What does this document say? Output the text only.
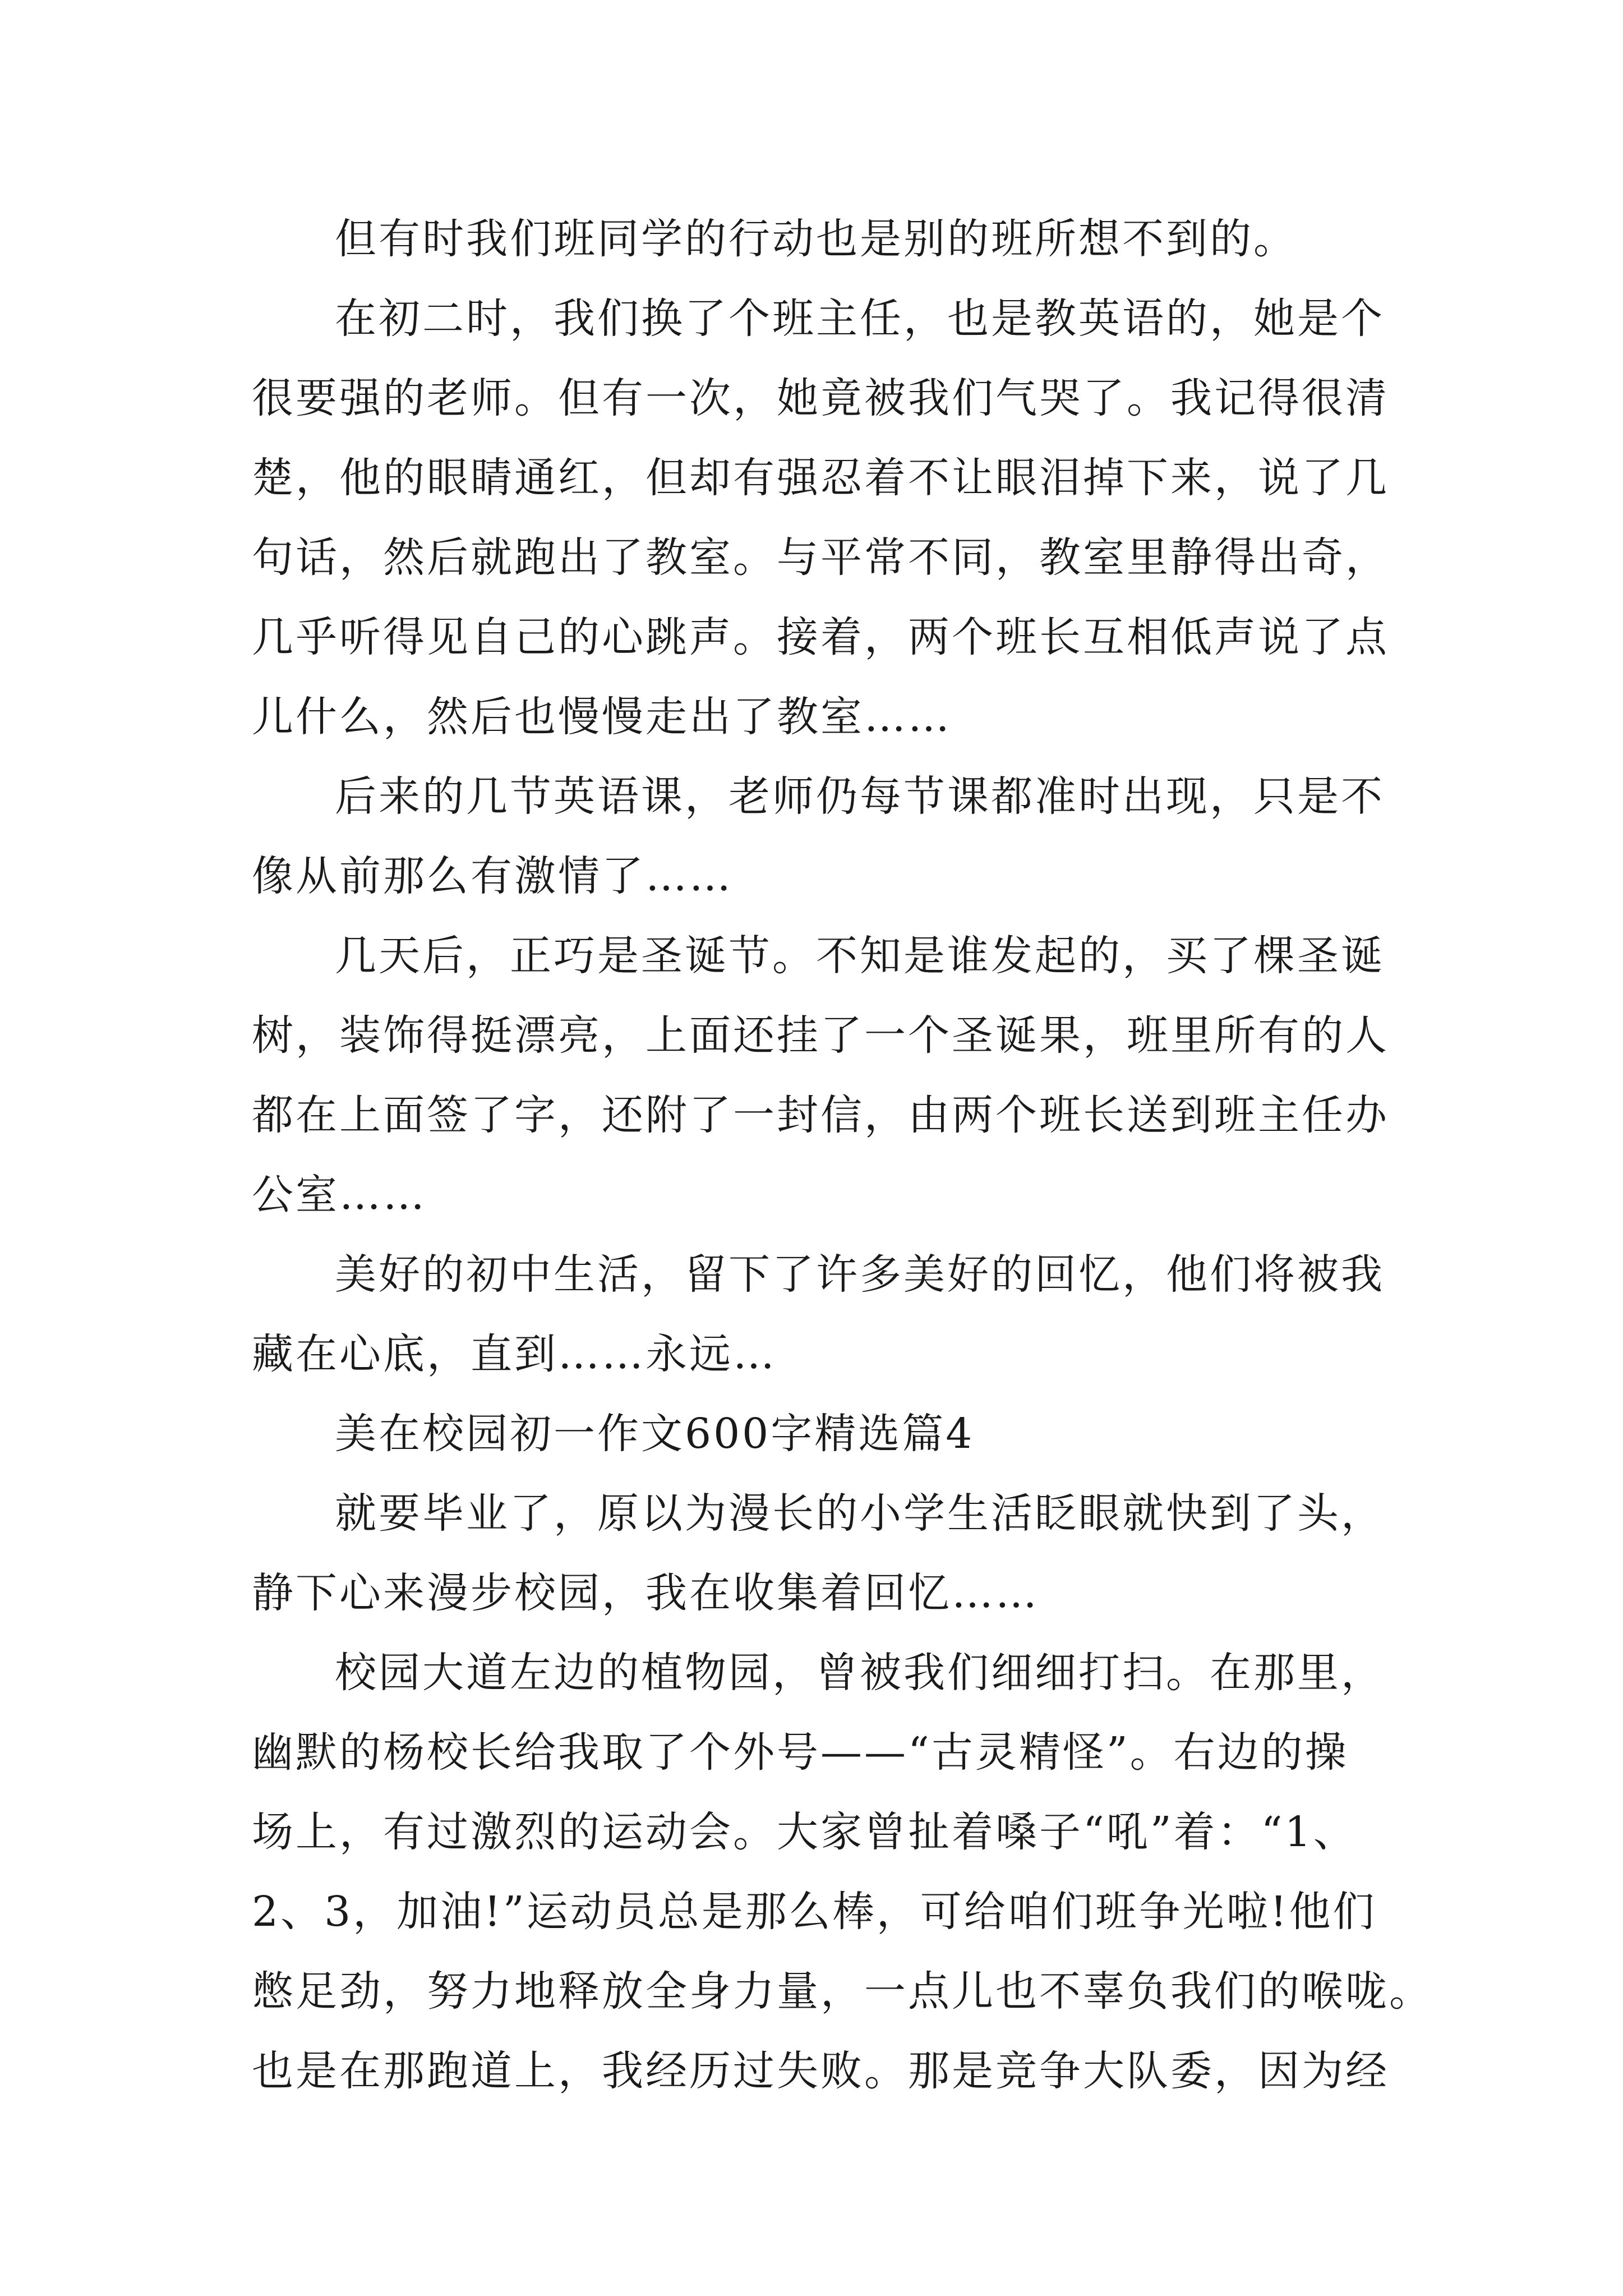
但有时我们班同学的行动也是别的班所想不到的。
在初二时，我们换了个班主任，也是教英语的，她是个
很要强的老师。但有一次，她竟被我们气哭了。我记得很清
楚，他的眼睛通红，但却有强忍着不让眼泪掉下来，说了几
句话，然后就跑出了教室。与平常不同，教室里静得出奇，
几乎听得见自己的心跳声。接着，两个班长互相低声说了点
儿什么，然后也慢慢走出了教室……
后来的几节英语课，老师仍每节课都准时出现，只是不
像从前那么有激情了……
几天后，正巧是圣诞节。不知是谁发起的，买了棵圣诞
树，装饰得挺漂亮，上面还挂了一个圣诞果，班里所有的人
都在上面签了字，还附了一封信，由两个班长送到班主任办
公室……
美好的初中生活，留下了许多美好的回忆，他们将被我
藏在心底，直到……永远…
美在校园初一作文600字精选篇4
就要毕业了，原以为漫长的小学生活眨眼就快到了头，
静下心来漫步校园，我在收集着回忆……
校园大道左边的植物园，曾被我们细细打扫。在那里，
幽默的杨校长给我取了个外号——“古灵精怪”。右边的操
场上，有过激烈的运动会。大家曾扯着嗓子“吼”着：“1、
2、3，加油!”运动员总是那么棒，可给咱们班争光啦!他们
憋足劲，努力地释放全身力量，一点儿也不辜负我们的喉咙。
也是在那跑道上，我经历过失败。那是竞争大队委，因为经
